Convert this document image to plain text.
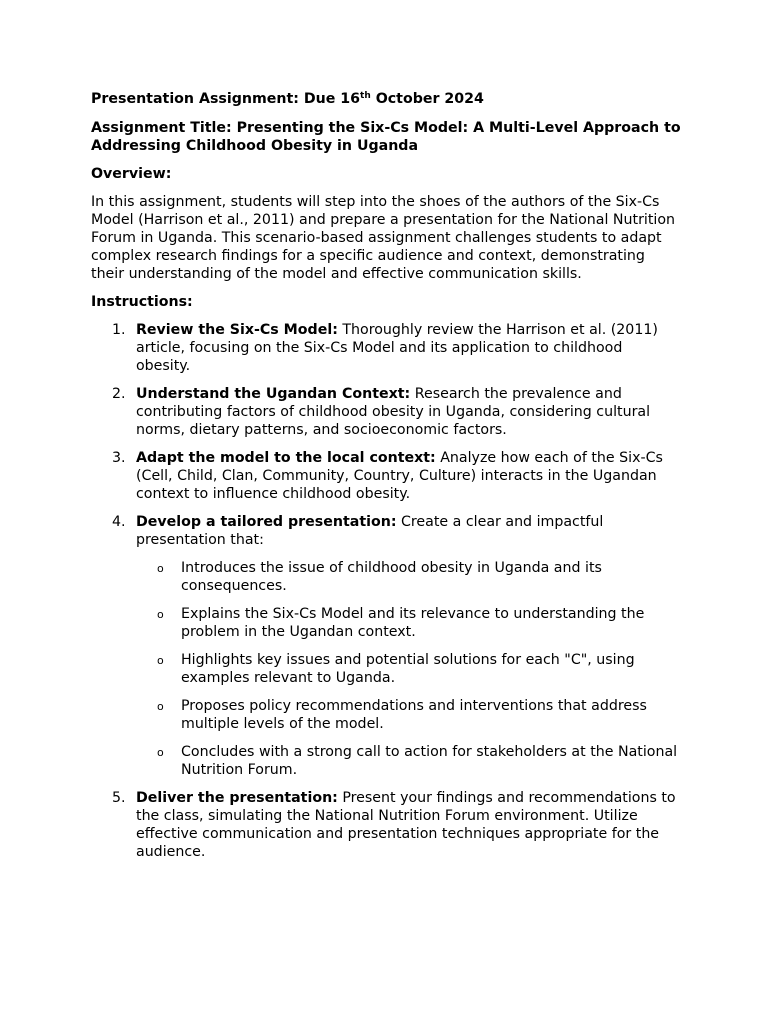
Presentation Assignment: Due 16th October 2024

Assignment Title: Presenting the Six-Cs Model: A Multi-Level Approach to Addressing Childhood Obesity in Uganda

Overview:

In this assignment, students will step into the shoes of the authors of the Six-Cs Model (Harrison et al., 2011) and prepare a presentation for the National Nutrition Forum in Uganda. This scenario-based assignment challenges students to adapt complex research findings for a specific audience and context, demonstrating their understanding of the model and effective communication skills.

Instructions:

1. Review the Six-Cs Model: Thoroughly review the Harrison et al. (2011) article, focusing on the Six-Cs Model and its application to childhood obesity.
2. Understand the Ugandan Context: Research the prevalence and contributing factors of childhood obesity in Uganda, considering cultural norms, dietary patterns, and socioeconomic factors.
3. Adapt the model to the local context: Analyze how each of the Six-Cs (Cell, Child, Clan, Community, Country, Culture) interacts in the Ugandan context to influence childhood obesity.
4. Develop a tailored presentation: Create a clear and impactful presentation that:
o Introduces the issue of childhood obesity in Uganda and its consequences.
o Explains the Six-Cs Model and its relevance to understanding the problem in the Ugandan context.
o Highlights key issues and potential solutions for each "C", using examples relevant to Uganda.
o Proposes policy recommendations and interventions that address multiple levels of the model.
o Concludes with a strong call to action for stakeholders at the National Nutrition Forum.
5. Deliver the presentation: Present your findings and recommendations to the class, simulating the National Nutrition Forum environment. Utilize effective communication and presentation techniques appropriate for the audience.
